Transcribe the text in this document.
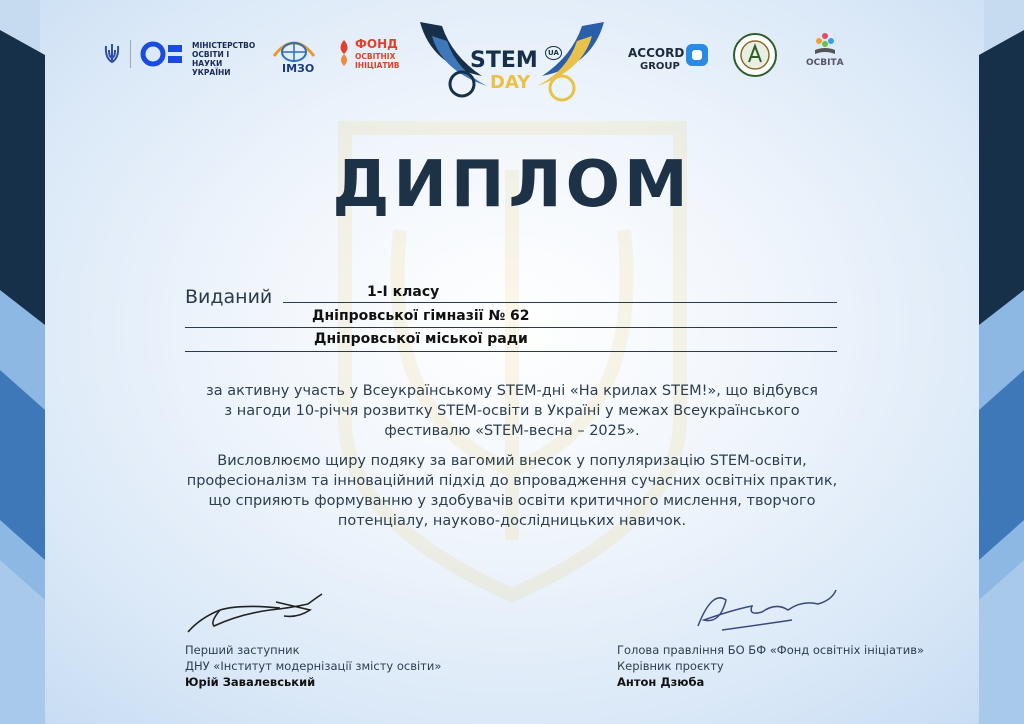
МІНІСТЕРСТВО ОСВІТИ І НАУКИ УКРАЇНИ	ІМЗО
ФОНД
ОСВІТНІХ
ІНІЦІАТИВ	STEM
DAY
UA	ACCORD
GROUP	ОСВІТА
ДИПЛОМ
Виданий	1-І класу
Дніпровської гімназії № 62
Дніпровської міської ради
за активну участь у Всеукраїнському STEM-дні «На крилах STEM!», що відбувся
з нагоди 10-річчя розвитку STEM-освіти в Україні у межах Всеукраїнського
фестивалю «STEM-весна – 2025».
Висловлюємо щиру подяку за вагомий внесок у популяризацію STEM-освіти,
професіоналізм та інноваційний підхід до впровадження сучасних освітніх практик,
що сприяють формуванню у здобувачів освіти критичного мислення, творчого
потенціалу, науково-дослідницьких навичок.
Перший заступник
ДНУ «Інститут модернізації змісту освіти»
Юрій Завалевський
Голова правління БО БФ «Фонд освітніх ініціатив»
Керівник проєкту
Антон Дзюба
